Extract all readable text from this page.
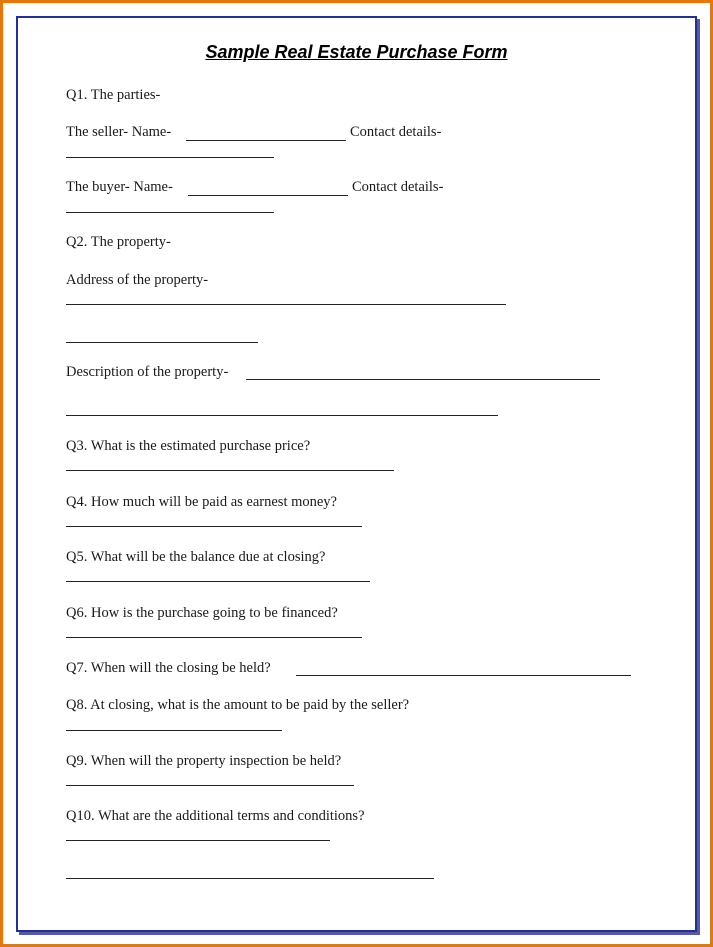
Sample Real Estate Purchase Form
Q1. The parties-
The seller- Name-	Contact details-
The buyer- Name-	Contact details-
Q2. The property-
Address of the property-
Description of the property-
Q3. What is the estimated purchase price?
Q4. How much will be paid as earnest money?
Q5. What will be the balance due at closing?
Q6. How is the purchase going to be financed?
Q7. When will the closing be held?
Q8. At closing, what is the amount to be paid by the seller?
Q9. When will the property inspection be held?
Q10. What are the additional terms and conditions?
